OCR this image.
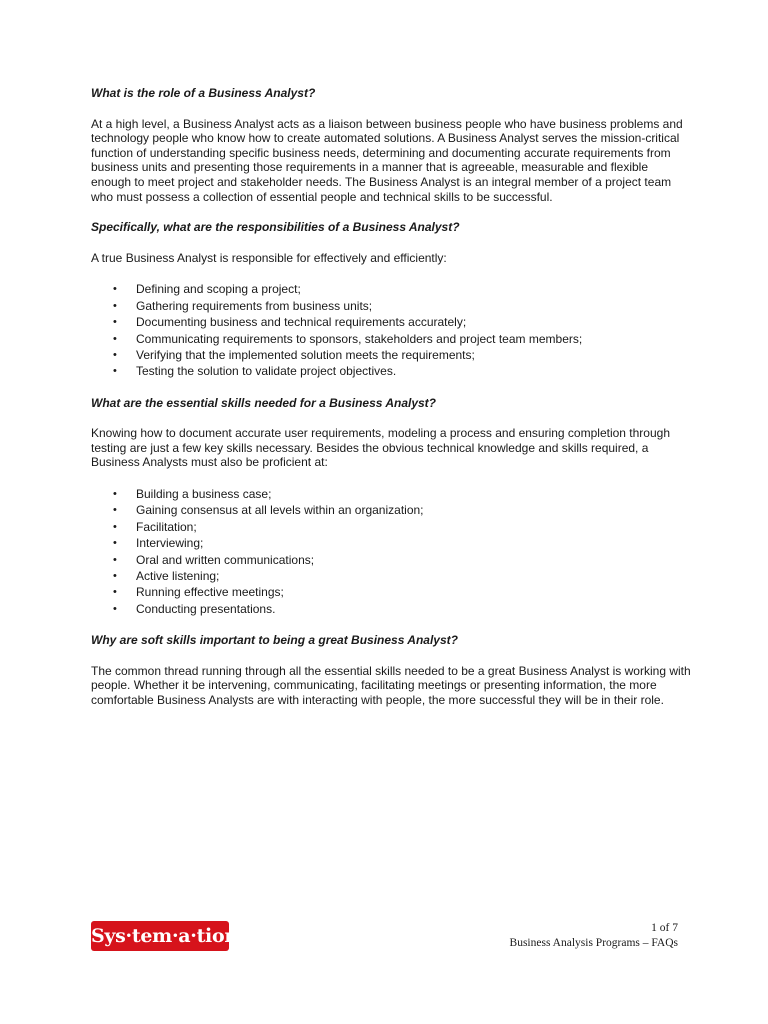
What is the role of a Business Analyst?

At a high level, a Business Analyst acts as a liaison between business people who have business problems and technology people who know how to create automated solutions. A Business Analyst serves the mission-critical function of understanding specific business needs, determining and documenting accurate requirements from business units and presenting those requirements in a manner that is agreeable, measurable and flexible enough to meet project and stakeholder needs. The Business Analyst is an integral member of a project team who must possess a collection of essential people and technical skills to be successful.

Specifically, what are the responsibilities of a Business Analyst?

A true Business Analyst is responsible for effectively and efficiently:

• Defining and scoping a project;
• Gathering requirements from business units;
• Documenting business and technical requirements accurately;
• Communicating requirements to sponsors, stakeholders and project team members;
• Verifying that the implemented solution meets the requirements;
• Testing the solution to validate project objectives.
What are the essential skills needed for a Business Analyst?

Knowing how to document accurate user requirements, modeling a process and ensuring completion through testing are just a few key skills necessary. Besides the obvious technical knowledge and skills required, a Business Analysts must also be proficient at:

• Building a business case;
• Gaining consensus at all levels within an organization;
• Facilitation;
• Interviewing;
• Oral and written communications;
• Active listening;
• Running effective meetings;
• Conducting presentations.
Why are soft skills important to being a great Business Analyst?

The common thread running through all the essential skills needed to be a great Business Analyst is working with people. Whether it be intervening, communicating, facilitating meetings or presenting information, the more comfortable Business Analysts are with interacting with people, the more successful they will be in their role.

Sys·tem·a·tion®	1 of 7
Business Analysis Programs – FAQs
